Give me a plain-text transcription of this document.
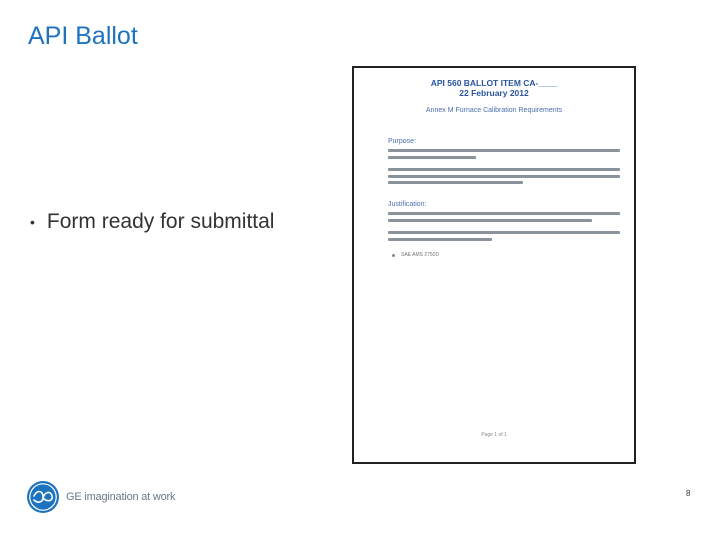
API Ballot
• Form ready for submittal
API 560 BALLOT ITEM CA-____
22 February 2012
Annex M Furnace Calibration Requirements
Purpose:
Justification:
SAE AMS 2750D
Page 1 of 1
GE imagination at work	8
